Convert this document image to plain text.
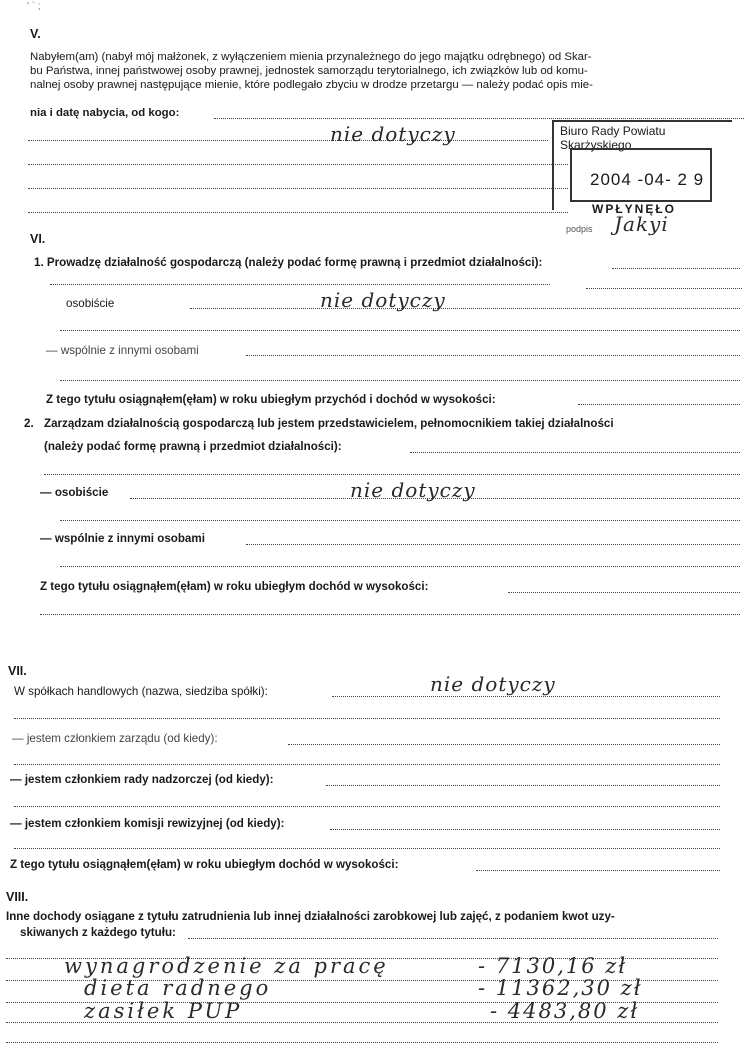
' ` ;
V.
Nabyłem(am) (nabył mój małżonek, z wyłączeniem mienia przynależnego do jego majątku odrębnego) od Skar-
bu Państwa, innej państwowej osoby prawnej, jednostek samorządu terytorialnego, ich związków lub od komu-
nalnej osoby prawnej następujące mienie, które podlegało zbyciu w drodze przetargu — należy podać opis mie-
nia i datę nabycia, od kogo:
nie dotyczy	Biuro Rady Powiatu Skarżyskiego
2004 -04- 2 9
WPŁYNĘŁO
podpis Jakyi
VI.
1. Prowadzę działalność gospodarczą (należy podać formę prawną i przedmiot działalności):
osobiście	nie dotyczy
— wspólnie z innymi osobami
Z tego tytułu osiągnąłem(ęłam) w roku ubiegłym przychód i dochód w wysokości:
2. Zarządzam działalnością gospodarczą lub jestem przedstawicielem, pełnomocnikiem takiej działalności
(należy podać formę prawną i przedmiot działalności):
— osobiście	nie dotyczy
— wspólnie z innymi osobami
Z tego tytułu osiągnąłem(ęłam) w roku ubiegłym dochód w wysokości:
VII.
W spółkach handlowych (nazwa, siedziba spółki):	nie dotyczy
— jestem członkiem zarządu (od kiedy):
— jestem członkiem rady nadzorczej (od kiedy):
— jestem członkiem komisji rewizyjnej (od kiedy):
Z tego tytułu osiągnąłem(ęłam) w roku ubiegłym dochód w wysokości:
VIII.
Inne dochody osiągane z tytułu zatrudnienia lub innej działalności zarobkowej lub zajęć, z podaniem kwot uzy-
skiwanych z każdego tytułu:
wynagrodzenie za pracę	- 7130,16 zł
dieta radnego	- 11362,30 zł
zasiłek PUP	- 4483,80 zł
